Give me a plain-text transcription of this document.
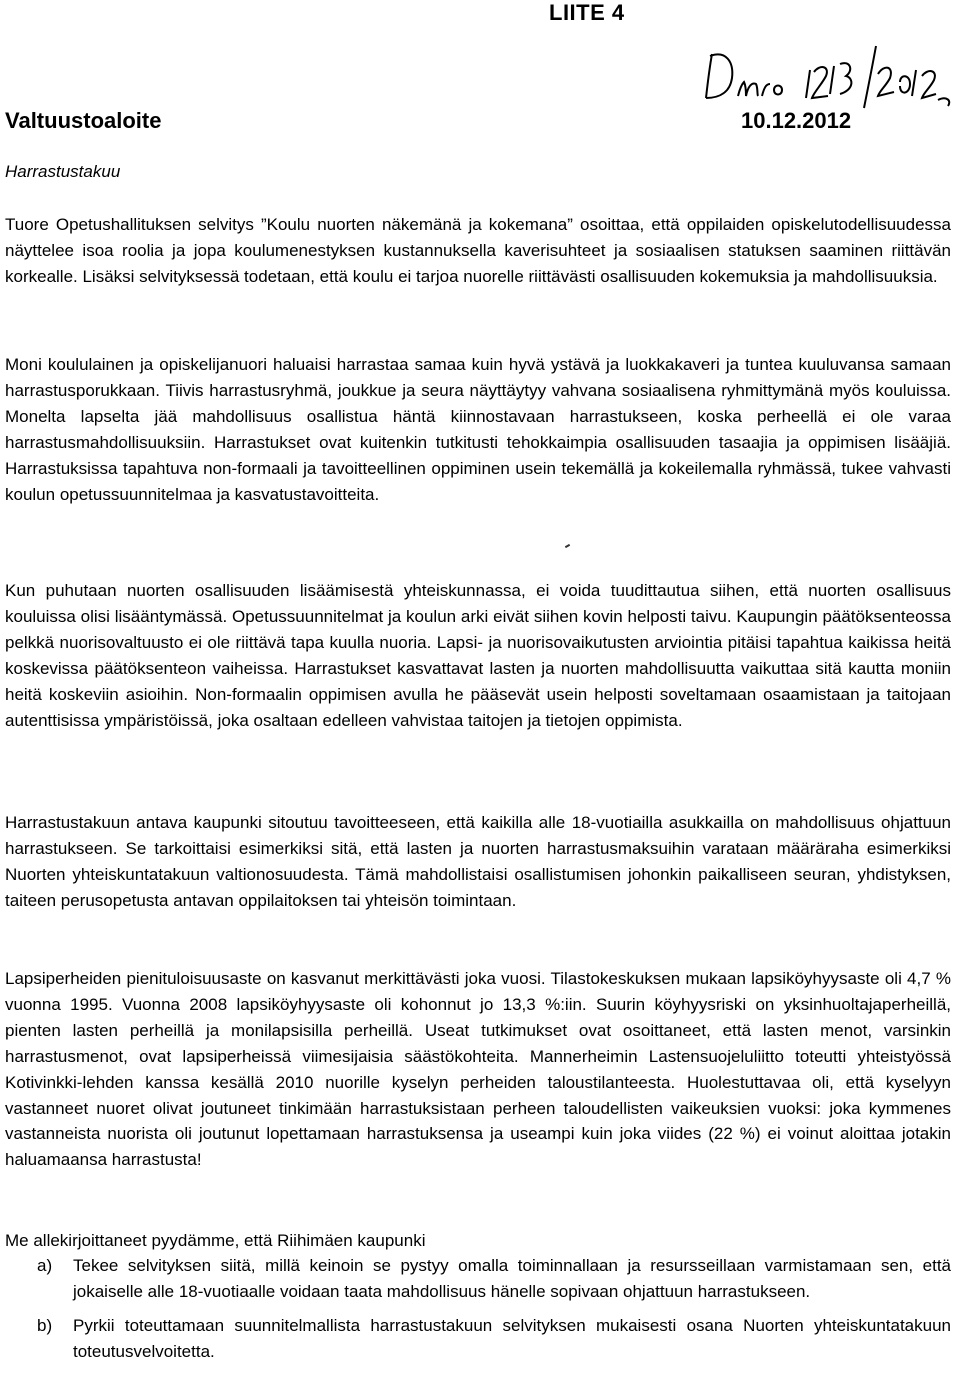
LIITE 4
Valtuustoaloite	10.12.2012
Harrastustakuu
Tuore Opetushallituksen selvitys ”Koulu nuorten näkemänä ja kokemana” osoittaa, että oppilaiden opiskelutodellisuudessa näyttelee isoa roolia ja jopa koulumenestyksen kustannuksella kaverisuhteet ja sosiaalisen statuksen saaminen riittävän korkealle. Lisäksi selvityksessä todetaan, että koulu ei tarjoa nuorelle riittävästi osallisuuden kokemuksia ja mahdollisuuksia.
Moni koululainen ja opiskelijanuori haluaisi harrastaa samaa kuin hyvä ystävä ja luokkakaveri ja tuntea kuuluvansa samaan harrastusporukkaan. Tiivis harrastusryhmä, joukkue ja seura näyttäytyy vahvana sosiaalisena ryhmittymänä myös kouluissa. Monelta lapselta jää mahdollisuus osallistua häntä kiinnostavaan harrastukseen, koska perheellä ei ole varaa harrastusmahdollisuuksiin. Harrastukset ovat kuitenkin tutkitusti tehokkaimpia osallisuuden tasaajia ja oppimisen lisääjiä. Harrastuksissa tapahtuva non-formaali ja tavoitteellinen oppiminen usein tekemällä ja kokeilemalla ryhmässä, tukee vahvasti koulun opetussuunnitelmaa ja kasvatustavoitteita.
Kun puhutaan nuorten osallisuuden lisäämisestä yhteiskunnassa, ei voida tuudittautua siihen, että nuorten osallisuus kouluissa olisi lisääntymässä. Opetussuunnitelmat ja koulun arki eivät siihen kovin helposti taivu. Kaupungin päätöksenteossa pelkkä nuorisovaltuusto ei ole riittävä tapa kuulla nuoria. Lapsi- ja nuorisovaikutusten arviointia pitäisi tapahtua kaikissa heitä koskevissa päätöksenteon vaiheissa. Harrastukset kasvattavat lasten ja nuorten mahdollisuutta vaikuttaa sitä kautta moniin heitä koskeviin asioihin. Non-formaalin oppimisen avulla he pääsevät usein helposti soveltamaan osaamistaan ja taitojaan autenttisissa ympäristöissä, joka osaltaan edelleen vahvistaa taitojen ja tietojen oppimista.
Harrastustakuun antava kaupunki sitoutuu tavoitteeseen, että kaikilla alle 18-vuotiailla asukkailla on mahdollisuus ohjattuun harrastukseen. Se tarkoittaisi esimerkiksi sitä, että lasten ja nuorten harrastusmaksuihin varataan määräraha esimerkiksi Nuorten yhteiskuntatakuun valtionosuudesta. Tämä mahdollistaisi osallistumisen johonkin paikalliseen seuran, yhdistyksen, taiteen perusopetusta antavan oppilaitoksen tai yhteisön toimintaan.
Lapsiperheiden pienituloisuusaste on kasvanut merkittävästi joka vuosi. Tilastokeskuksen mukaan lapsiköyhyysaste oli 4,7 % vuonna 1995. Vuonna 2008 lapsiköyhyysaste oli kohonnut jo 13,3 %:iin. Suurin köyhyysriski on yksinhuoltajaperheillä, pienten lasten perheillä ja monilapsisilla perheillä. Useat tutkimukset ovat osoittaneet, että lasten menot, varsinkin harrastusmenot, ovat lapsiperheissä viimesijaisia säästökohteita. Mannerheimin Lastensuojeluliitto toteutti yhteistyössä Kotivinkki-lehden kanssa kesällä 2010 nuorille kyselyn perheiden taloustilanteesta. Huolestuttavaa oli, että kyselyyn vastanneet nuoret olivat joutuneet tinkimään harrastuksistaan perheen taloudellisten vaikeuksien vuoksi: joka kymmenes vastanneista nuorista oli joutunut lopettamaan harrastuksensa ja useampi kuin joka viides (22 %) ei voinut aloittaa jotakin haluamaansa harrastusta!
Me allekirjoittaneet pyydämme, että Riihimäen kaupunki
a)	Tekee selvityksen siitä, millä keinoin se pystyy omalla toiminnallaan ja resursseillaan varmistamaan sen, että jokaiselle alle 18-vuotiaalle voidaan taata mahdollisuus hänelle sopivaan ohjattuun harrastukseen.
b)	Pyrkii toteuttamaan suunnitelmallista harrastustakuun selvityksen mukaisesti osana Nuorten yhteiskuntatakuun toteutusvelvoitetta.
